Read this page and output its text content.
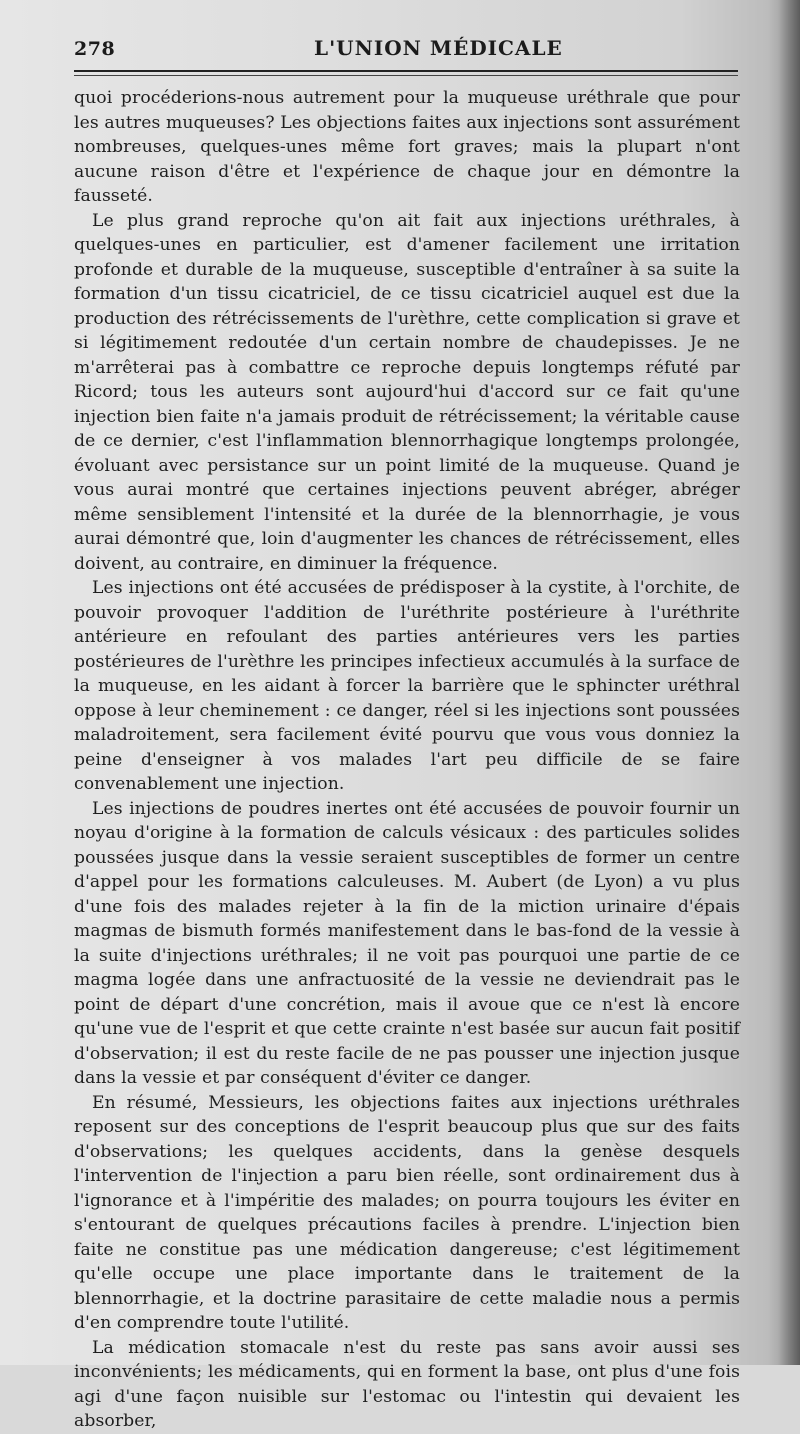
278	L'UNION MÉDICALE

quoi procéderions-nous autrement pour la muqueuse uréthrale que pour les autres muqueuses? Les objections faites aux injections sont assurément nombreuses, quelques-unes même fort graves; mais la plupart n'ont aucune raison d'être et l'expérience de chaque jour en démontre la fausseté.

Le plus grand reproche qu'on ait fait aux injections uréthrales, à quelques-unes en particulier, est d'amener facilement une irritation profonde et durable de la muqueuse, susceptible d'entraîner à sa suite la formation d'un tissu cicatriciel, de ce tissu cicatriciel auquel est due la production des rétrécissements de l'urèthre, cette complication si grave et si légitimement redoutée d'un certain nombre de chaudepisses. Je ne m'arrêterai pas à combattre ce reproche depuis longtemps réfuté par Ricord; tous les auteurs sont aujourd'hui d'accord sur ce fait qu'une injection bien faite n'a jamais produit de rétrécissement; la véritable cause de ce dernier, c'est l'inflammation blennorrhagique longtemps prolongée, évoluant avec persistance sur un point limité de la muqueuse. Quand je vous aurai montré que certaines injections peuvent abréger, abréger même sensiblement l'intensité et la durée de la blennorrhagie, je vous aurai démontré que, loin d'augmenter les chances de rétrécissement, elles doivent, au contraire, en diminuer la fréquence.

Les injections ont été accusées de prédisposer à la cystite, à l'orchite, de pouvoir provoquer l'addition de l'uréthrite postérieure à l'uréthrite antérieure en refoulant des parties antérieures vers les parties postérieures de l'urèthre les principes infectieux accumulés à la surface de la muqueuse, en les aidant à forcer la barrière que le sphincter uréthral oppose à leur cheminement : ce danger, réel si les injections sont poussées maladroitement, sera facilement évité pourvu que vous vous donniez la peine d'enseigner à vos malades l'art peu difficile de se faire convenablement une injection.

Les injections de poudres inertes ont été accusées de pouvoir fournir un noyau d'origine à la formation de calculs vésicaux : des particules solides poussées jusque dans la vessie seraient susceptibles de former un centre d'appel pour les formations calculeuses. M. Aubert (de Lyon) a vu plus d'une fois des malades rejeter à la fin de la miction urinaire d'épais magmas de bismuth formés manifestement dans le bas-fond de la vessie à la suite d'injections uréthrales; il ne voit pas pourquoi une partie de ce magma logée dans une anfractuosité de la vessie ne deviendrait pas le point de départ d'une concrétion, mais il avoue que ce n'est là encore qu'une vue de l'esprit et que cette crainte n'est basée sur aucun fait positif d'observation; il est du reste facile de ne pas pousser une injection jusque dans la vessie et par conséquent d'éviter ce danger.

En résumé, Messieurs, les objections faites aux injections uréthrales reposent sur des conceptions de l'esprit beaucoup plus que sur des faits d'observations; les quelques accidents, dans la genèse desquels l'intervention de l'injection a paru bien réelle, sont ordinairement dus à l'ignorance et à l'impéritie des malades; on pourra toujours les éviter en s'entourant de quelques précautions faciles à prendre. L'injection bien faite ne constitue pas une médication dangereuse; c'est légitimement qu'elle occupe une place importante dans le traitement de la blennorrhagie, et la doctrine parasitaire de cette maladie nous a permis d'en comprendre toute l'utilité.

La médication stomacale n'est du reste pas sans avoir aussi ses inconvénients; les médicaments, qui en forment la base, ont plus d'une fois agi d'une façon nuisible sur l'estomac ou l'intestin qui devaient les absorber,
